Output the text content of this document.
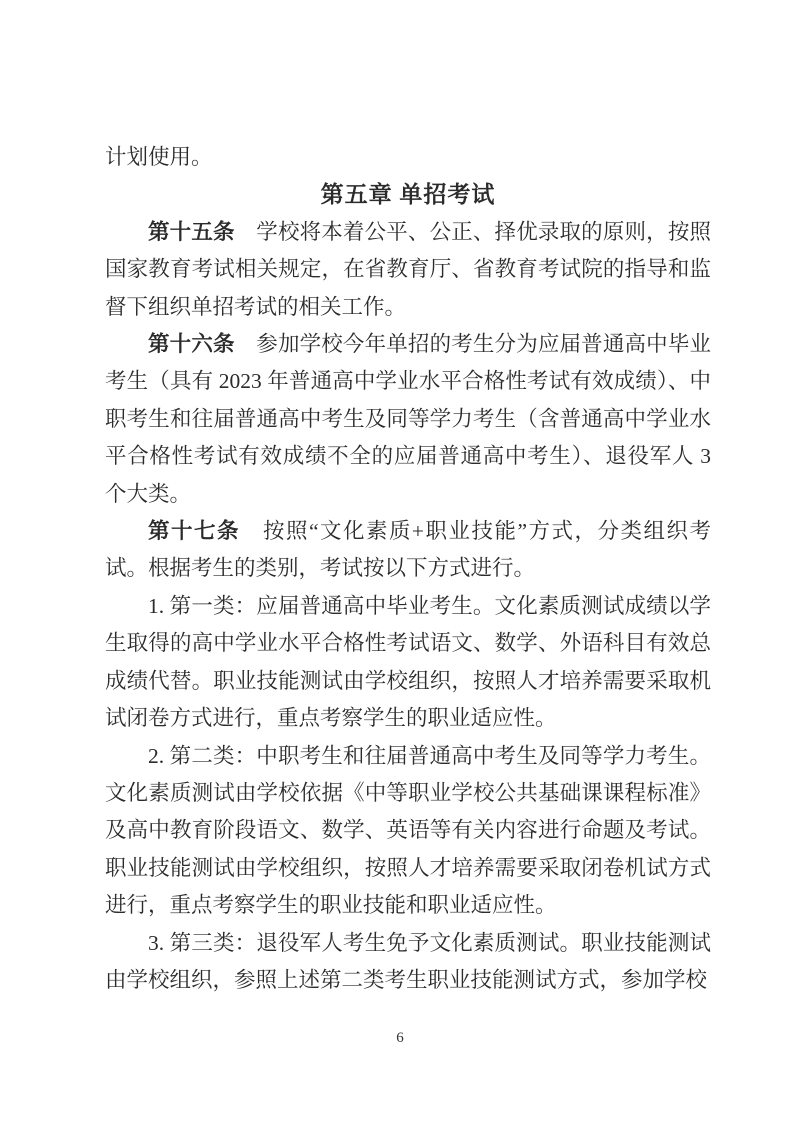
计划使用。

第五章 单招考试

第十五条　学校将本着公平、公正、择优录取的原则，按照国家教育考试相关规定，在省教育厅、省教育考试院的指导和监督下组织单招考试的相关工作。

第十六条　参加学校今年单招的考生分为应届普通高中毕业考生（具有 2023 年普通高中学业水平合格性考试有效成绩）、中职考生和往届普通高中考生及同等学力考生（含普通高中学业水平合格性考试有效成绩不全的应届普通高中考生）、退役军人 3 个大类。

第十七条　按照“文化素质+职业技能”方式，分类组织考试。根据考生的类别，考试按以下方式进行。

1. 第一类：应届普通高中毕业考生。文化素质测试成绩以学生取得的高中学业水平合格性考试语文、数学、外语科目有效总成绩代替。职业技能测试由学校组织，按照人才培养需要采取机试闭卷方式进行，重点考察学生的职业适应性。

2. 第二类：中职考生和往届普通高中考生及同等学力考生。文化素质测试由学校依据《中等职业学校公共基础课课程标准》及高中教育阶段语文、数学、英语等有关内容进行命题及考试。职业技能测试由学校组织，按照人才培养需要采取闭卷机试方式进行，重点考察学生的职业技能和职业适应性。

3. 第三类：退役军人考生免予文化素质测试。职业技能测试由学校组织，参照上述第二类考生职业技能测试方式，参加学校

6
